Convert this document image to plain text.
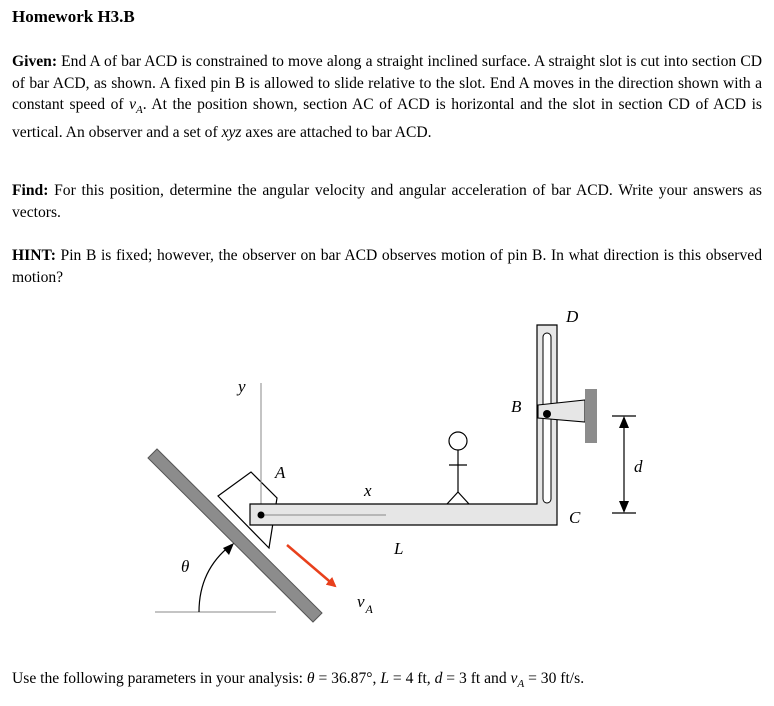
Homework H3.B

Given: End A of bar ACD is constrained to move along a straight inclined surface. A straight slot is cut into section CD of bar ACD, as shown. A fixed pin B is allowed to slide relative to the slot. End A moves in the direction shown with a constant speed of $v_A$. At the position shown, section AC of ACD is horizontal and the slot in section CD of ACD is vertical. An observer and a set of xyz axes are attached to bar ACD.

Find: For this position, determine the angular velocity and angular acceleration of bar ACD. Write your answers as vectors.

HINT: Pin B is fixed; however, the observer on bar ACD observes motion of pin B. In what direction is this observed motion?

D
B
y
A
x
C
d
L
θ
$v_A$
Use the following parameters in your analysis: θ = 36.87°, L = 4 ft, d = 3 ft and $v_A = 30$ ft/s.
